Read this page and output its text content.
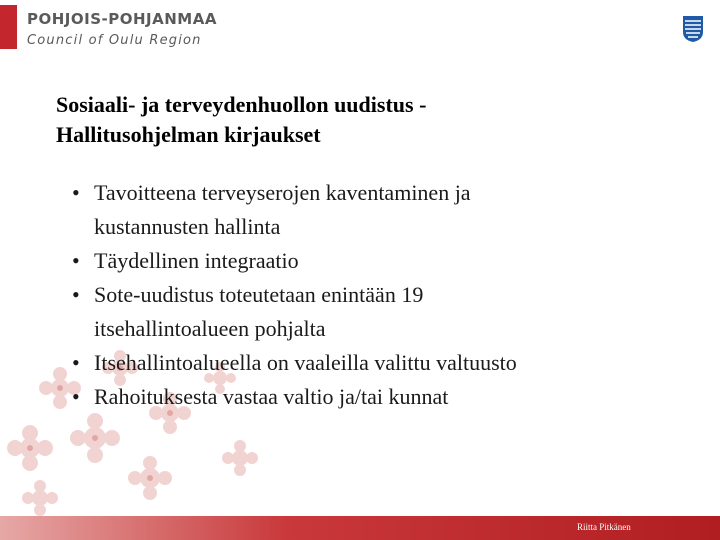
POHJOIS-POHJANMAA
Council of Oulu Region
Sosiaali- ja terveydenhuollon uudistus -
Hallitusohjelman kirjaukset
• Tavoitteena terveyserojen kaventaminen ja
kustannusten hallinta
• Täydellinen integraatio
• Sote-uudistus toteutetaan enintään 19
itsehallintoalueen pohjalta
• Itsehallintoalueella on vaaleilla valittu valtuusto
• Rahoituksesta vastaa valtio ja/tai kunnat
Riitta Pitkänen
